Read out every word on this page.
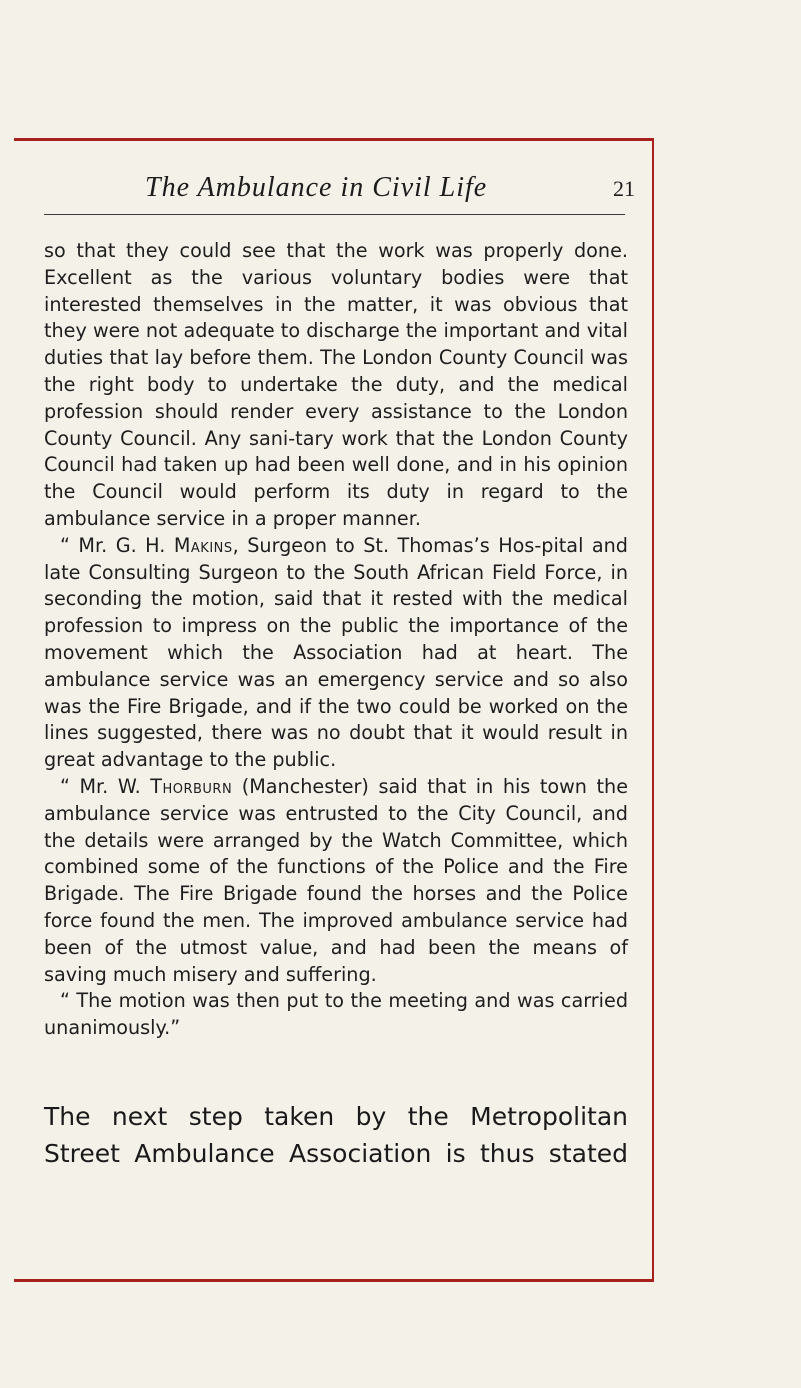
The Ambulance in Civil Life	21

so that they could see that the work was properly done. Excellent as the various voluntary bodies were that interested themselves in the matter, it was obvious that they were not adequate to discharge the important and vital duties that lay before them. The London County Council was the right body to undertake the duty, and the medical profession should render every assistance to the London County Council. Any sani-tary work that the London County Council had taken up had been well done, and in his opinion the Council would perform its duty in regard to the ambulance service in a proper manner.

“ Mr. G. H. Makins, Surgeon to St. Thomas’s Hos-pital and late Consulting Surgeon to the South African Field Force, in seconding the motion, said that it rested with the medical profession to impress on the public the importance of the movement which the Association had at heart. The ambulance service was an emergency service and so also was the Fire Brigade, and if the two could be worked on the lines suggested, there was no doubt that it would result in great advantage to the public.

“ Mr. W. Thorburn (Manchester) said that in his town the ambulance service was entrusted to the City Council, and the details were arranged by the Watch Committee, which combined some of the functions of the Police and the Fire Brigade. The Fire Brigade found the horses and the Police force found the men. The improved ambulance service had been of the utmost value, and had been the means of saving much misery and suffering.

“ The motion was then put to the meeting and was carried unanimously.”

The next step taken by the Metropolitan
Street Ambulance Association is thus stated
